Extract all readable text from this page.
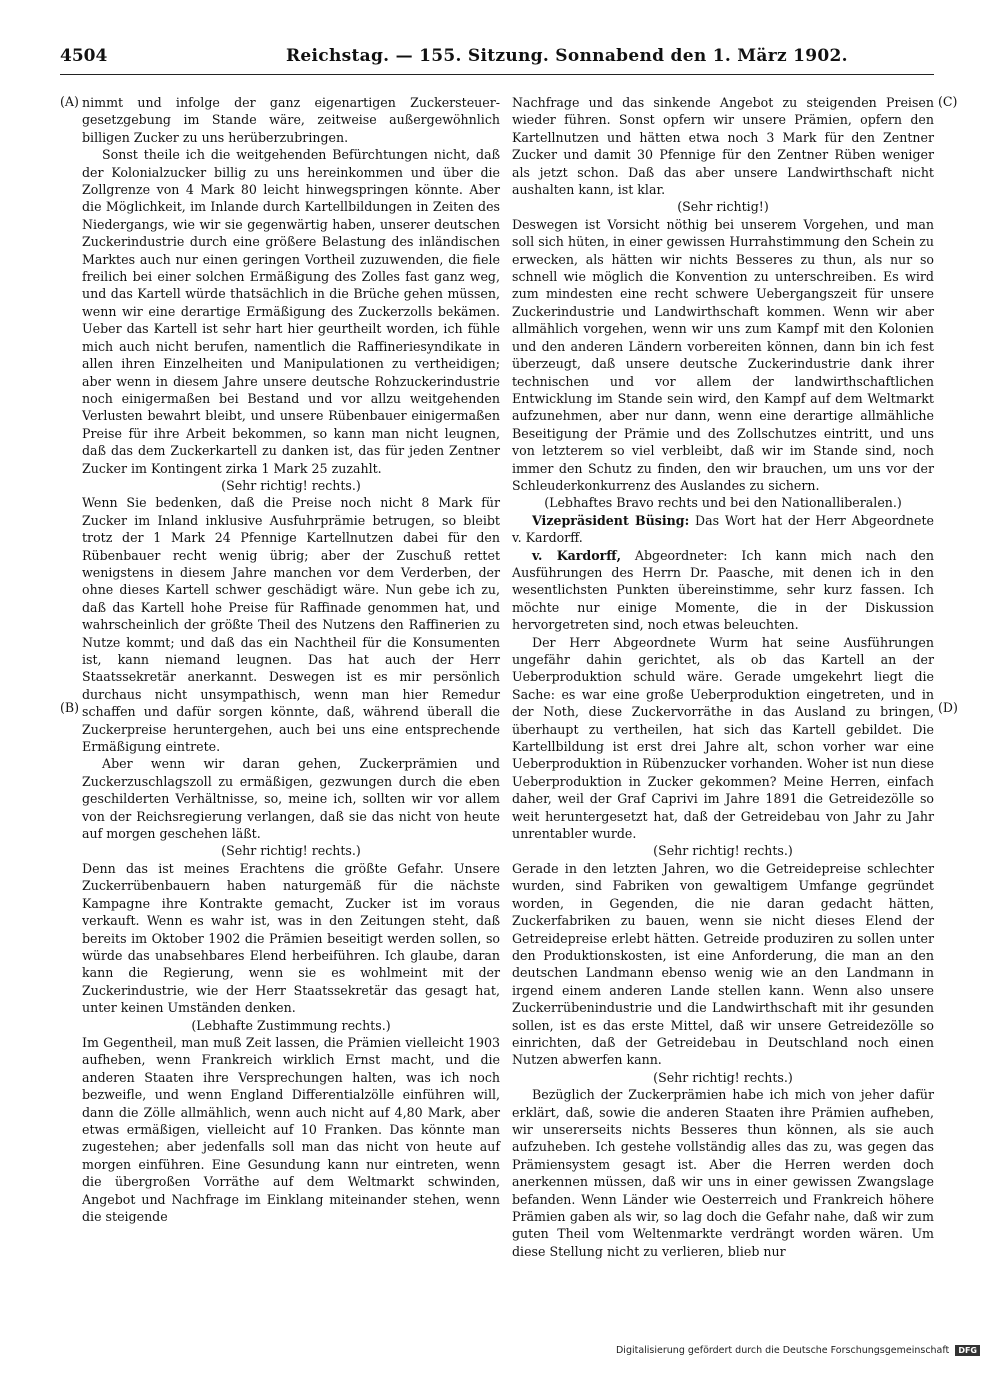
4504	Reichstag. — 155. Sitzung. Sonnabend den 1. März 1902.
(A)
(B)
(C)
(D)

nimmt und infolge der ganz eigenartigen Zuckersteuer-gesetzgebung im Stande wäre, zeitweise außergewöhnlich billigen Zucker zu uns herüberzubringen.

Sonst theile ich die weitgehenden Befürchtungen nicht, daß der Kolonialzucker billig zu uns hereinkommen und über die Zollgrenze von 4 Mark 80 leicht hinwegspringen könnte. Aber die Möglichkeit, im Inlande durch Kartellbildungen in Zeiten des Niedergangs, wie wir sie gegenwärtig haben, unserer deutschen Zuckerindustrie durch eine größere Belastung des inländischen Marktes auch nur einen geringen Vortheil zuzuwenden, die fiele freilich bei einer solchen Ermäßigung des Zolles fast ganz weg, und das Kartell würde thatsächlich in die Brüche gehen müssen, wenn wir eine derartige Ermäßigung des Zuckerzolls bekämen. Ueber das Kartell ist sehr hart hier geurtheilt worden, ich fühle mich auch nicht berufen, namentlich die Raffineriesyndikate in allen ihren Einzelheiten und Manipulationen zu vertheidigen; aber wenn in diesem Jahre unsere deutsche Rohzuckerindustrie noch einigermaßen bei Bestand und vor allzu weitgehenden Verlusten bewahrt bleibt, und unsere Rübenbauer einigermaßen Preise für ihre Arbeit bekommen, so kann man nicht leugnen, daß das dem Zuckerkartell zu danken ist, das für jeden Zentner Zucker im Kontingent zirka 1 Mark 25 zuzahlt.

(Sehr richtig! rechts.)

Wenn Sie bedenken, daß die Preise noch nicht 8 Mark für Zucker im Inland inklusive Ausfuhrprämie betrugen, so bleibt trotz der 1 Mark 24 Pfennige Kartellnutzen dabei für den Rübenbauer recht wenig übrig; aber der Zuschuß rettet wenigstens in diesem Jahre manchen vor dem Verderben, der ohne dieses Kartell schwer geschädigt wäre. Nun gebe ich zu, daß das Kartell hohe Preise für Raffinade genommen hat, und wahrscheinlich der größte Theil des Nutzens den Raffinerien zu Nutze kommt; und daß das ein Nachtheil für die Konsumenten ist, kann niemand leugnen. Das hat auch der Herr Staatssekretär anerkannt. Deswegen ist es mir persönlich durchaus nicht unsympathisch, wenn man hier Remedur schaffen und dafür sorgen könnte, daß, während überall die Zuckerpreise heruntergehen, auch bei uns eine entsprechende Ermäßigung eintrete.

Aber wenn wir daran gehen, Zuckerprämien und Zuckerzuschlagszoll zu ermäßigen, gezwungen durch die eben geschilderten Verhältnisse, so, meine ich, sollten wir vor allem von der Reichsregierung verlangen, daß sie das nicht von heute auf morgen geschehen läßt.

(Sehr richtig! rechts.)

Denn das ist meines Erachtens die größte Gefahr. Unsere Zuckerrübenbauern haben naturgemäß für die nächste Kampagne ihre Kontrakte gemacht, Zucker ist im voraus verkauft. Wenn es wahr ist, was in den Zeitungen steht, daß bereits im Oktober 1902 die Prämien beseitigt werden sollen, so würde das unabsehbares Elend herbeiführen. Ich glaube, daran kann die Regierung, wenn sie es wohlmeint mit der Zuckerindustrie, wie der Herr Staatssekretär das gesagt hat, unter keinen Umständen denken.

(Lebhafte Zustimmung rechts.)

Im Gegentheil, man muß Zeit lassen, die Prämien vielleicht 1903 aufheben, wenn Frankreich wirklich Ernst macht, und die anderen Staaten ihre Versprechungen halten, was ich noch bezweifle, und wenn England Differentialzölle einführen will, dann die Zölle allmählich, wenn auch nicht auf 4,80 Mark, aber etwas ermäßigen, vielleicht auf 10 Franken. Das könnte man zugestehen; aber jedenfalls soll man das nicht von heute auf morgen einführen. Eine Gesundung kann nur eintreten, wenn die übergroßen Vorräthe auf dem Weltmarkt schwinden, Angebot und Nachfrage im Einklang miteinander stehen, wenn die steigende

Nachfrage und das sinkende Angebot zu steigenden Preisen wieder führen. Sonst opfern wir unsere Prämien, opfern den Kartellnutzen und hätten etwa noch 3 Mark für den Zentner Zucker und damit 30 Pfennige für den Zentner Rüben weniger als jetzt schon. Daß das aber unsere Landwirthschaft nicht aushalten kann, ist klar.

(Sehr richtig!)

Deswegen ist Vorsicht nöthig bei unserem Vorgehen, und man soll sich hüten, in einer gewissen Hurrahstimmung den Schein zu erwecken, als hätten wir nichts Besseres zu thun, als nur so schnell wie möglich die Konvention zu unterschreiben. Es wird zum mindesten eine recht schwere Uebergangszeit für unsere Zuckerindustrie und Landwirthschaft kommen. Wenn wir aber allmählich vorgehen, wenn wir uns zum Kampf mit den Kolonien und den anderen Ländern vorbereiten können, dann bin ich fest überzeugt, daß unsere deutsche Zuckerindustrie dank ihrer technischen und vor allem der landwirthschaftlichen Entwicklung im Stande sein wird, den Kampf auf dem Weltmarkt aufzunehmen, aber nur dann, wenn eine derartige allmähliche Beseitigung der Prämie und des Zollschutzes eintritt, und uns von letzterem so viel verbleibt, daß wir im Stande sind, noch immer den Schutz zu finden, den wir brauchen, um uns vor der Schleuderkonkurrenz des Auslandes zu sichern.

(Lebhaftes Bravo rechts und bei den Nationalliberalen.)

Vizepräsident Büsing: Das Wort hat der Herr Abgeordnete v. Kardorff.

v. Kardorff, Abgeordneter: Ich kann mich nach den Ausführungen des Herrn Dr. Paasche, mit denen ich in den wesentlichsten Punkten übereinstimme, sehr kurz fassen. Ich möchte nur einige Momente, die in der Diskussion hervorgetreten sind, noch etwas beleuchten.

Der Herr Abgeordnete Wurm hat seine Ausführungen ungefähr dahin gerichtet, als ob das Kartell an der Ueberproduktion schuld wäre. Gerade umgekehrt liegt die Sache: es war eine große Ueberproduktion eingetreten, und in der Noth, diese Zuckervorräthe in das Ausland zu bringen, überhaupt zu vertheilen, hat sich das Kartell gebildet. Die Kartellbildung ist erst drei Jahre alt, schon vorher war eine Ueberproduktion in Rübenzucker vorhanden. Woher ist nun diese Ueberproduktion in Zucker gekommen? Meine Herren, einfach daher, weil der Graf Caprivi im Jahre 1891 die Getreidezölle so weit heruntergesetzt hat, daß der Getreidebau von Jahr zu Jahr unrentabler wurde.

(Sehr richtig! rechts.)

Gerade in den letzten Jahren, wo die Getreidepreise schlechter wurden, sind Fabriken von gewaltigem Umfange gegründet worden, in Gegenden, die nie daran gedacht hätten, Zuckerfabriken zu bauen, wenn sie nicht dieses Elend der Getreidepreise erlebt hätten. Getreide produziren zu sollen unter den Produktionskosten, ist eine Anforderung, die man an den deutschen Landmann ebenso wenig wie an den Landmann in irgend einem anderen Lande stellen kann. Wenn also unsere Zuckerrübenindustrie und die Landwirthschaft mit ihr gesunden sollen, ist es das erste Mittel, daß wir unsere Getreidezölle so einrichten, daß der Getreidebau in Deutschland noch einen Nutzen abwerfen kann.

(Sehr richtig! rechts.)

Bezüglich der Zuckerprämien habe ich mich von jeher dafür erklärt, daß, sowie die anderen Staaten ihre Prämien aufheben, wir unsererseits nichts Besseres thun können, als sie auch aufzuheben. Ich gestehe vollständig alles das zu, was gegen das Prämiensystem gesagt ist. Aber die Herren werden doch anerkennen müssen, daß wir uns in einer gewissen Zwangslage befanden. Wenn Länder wie Oesterreich und Frankreich höhere Prämien gaben als wir, so lag doch die Gefahr nahe, daß wir zum guten Theil vom Weltenmarkte verdrängt worden wären. Um diese Stellung nicht zu verlieren, blieb nur

Digitalisierung gefördert durch die Deutsche Forschungsgemeinschaft DFG
